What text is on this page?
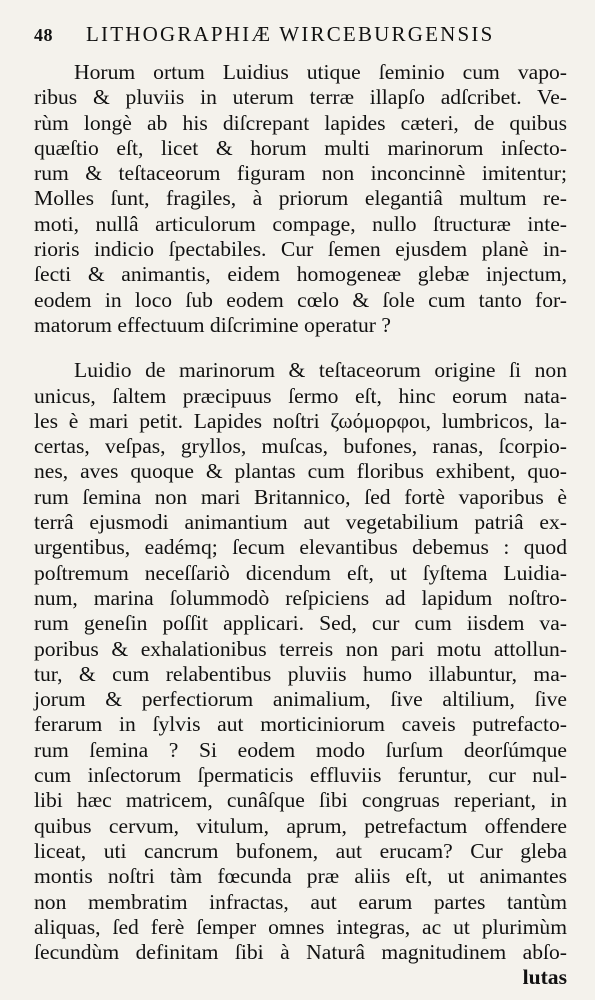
48	LITHOGRAPHIÆ WIRCEBURGENSIS
Horum ortum Luidius utique ſeminio cum vapo-
ribus & pluviis in uterum terræ illapſo adſcribet. Ve-
rùm longè ab his diſcrepant lapides cæteri, de quibus
quæſtio eſt, licet & horum multi marinorum inſecto-
rum & teſtaceorum figuram non inconcinnè imitentur;
Molles ſunt, fragiles, à priorum elegantiâ multum re-
moti, nullâ articulorum compage, nullo ſtructuræ inte-
rioris indicio ſpectabiles. Cur ſemen ejusdem planè in-
ſecti & animantis, eidem homogeneæ glebæ injectum,
eodem in loco ſub eodem cœlo & ſole cum tanto for-
matorum effectuum diſcrimine operatur ?
Luidio de marinorum & teſtaceorum origine ſi non
unicus, ſaltem præcipuus ſermo eſt, hinc eorum nata-
les è mari petit. Lapides noſtri ζωόμορφοι, lumbricos, la-
certas, veſpas, gryllos, muſcas, bufones, ranas, ſcorpio-
nes, aves quoque & plantas cum floribus exhibent, quo-
rum ſemina non mari Britannico, ſed fortè vaporibus è
terrâ ejusmodi animantium aut vegetabilium patriâ ex-
urgentibus, eadémq; ſecum elevantibus debemus : quod
poſtremum neceſſariò dicendum eſt, ut ſyſtema Luidia-
num, marina ſolummodò reſpiciens ad lapidum noſtro-
rum geneſin poſſit applicari. Sed, cur cum iisdem va-
poribus & exhalationibus terreis non pari motu attollun-
tur, & cum relabentibus pluviis humo illabuntur, ma-
jorum & perfectiorum animalium, ſive altilium, ſive
ferarum in ſylvis aut morticiniorum caveis putrefacto-
rum ſemina ? Si eodem modo ſurſum deorſúmque
cum inſectorum ſpermaticis effluviis feruntur, cur nul-
libi hæc matricem, cunâſque ſibi congruas reperiant, in
quibus cervum, vitulum, aprum, petrefactum offendere
liceat, uti cancrum bufonem, aut erucam? Cur gleba
montis noſtri tàm fœcunda præ aliis eſt, ut animantes
non membratim infractas, aut earum partes tantùm
aliquas, ſed ferè ſemper omnes integras, ac ut plurimùm
ſecundùm definitam ſibi à Naturâ magnitudinem abſo-
lutas
